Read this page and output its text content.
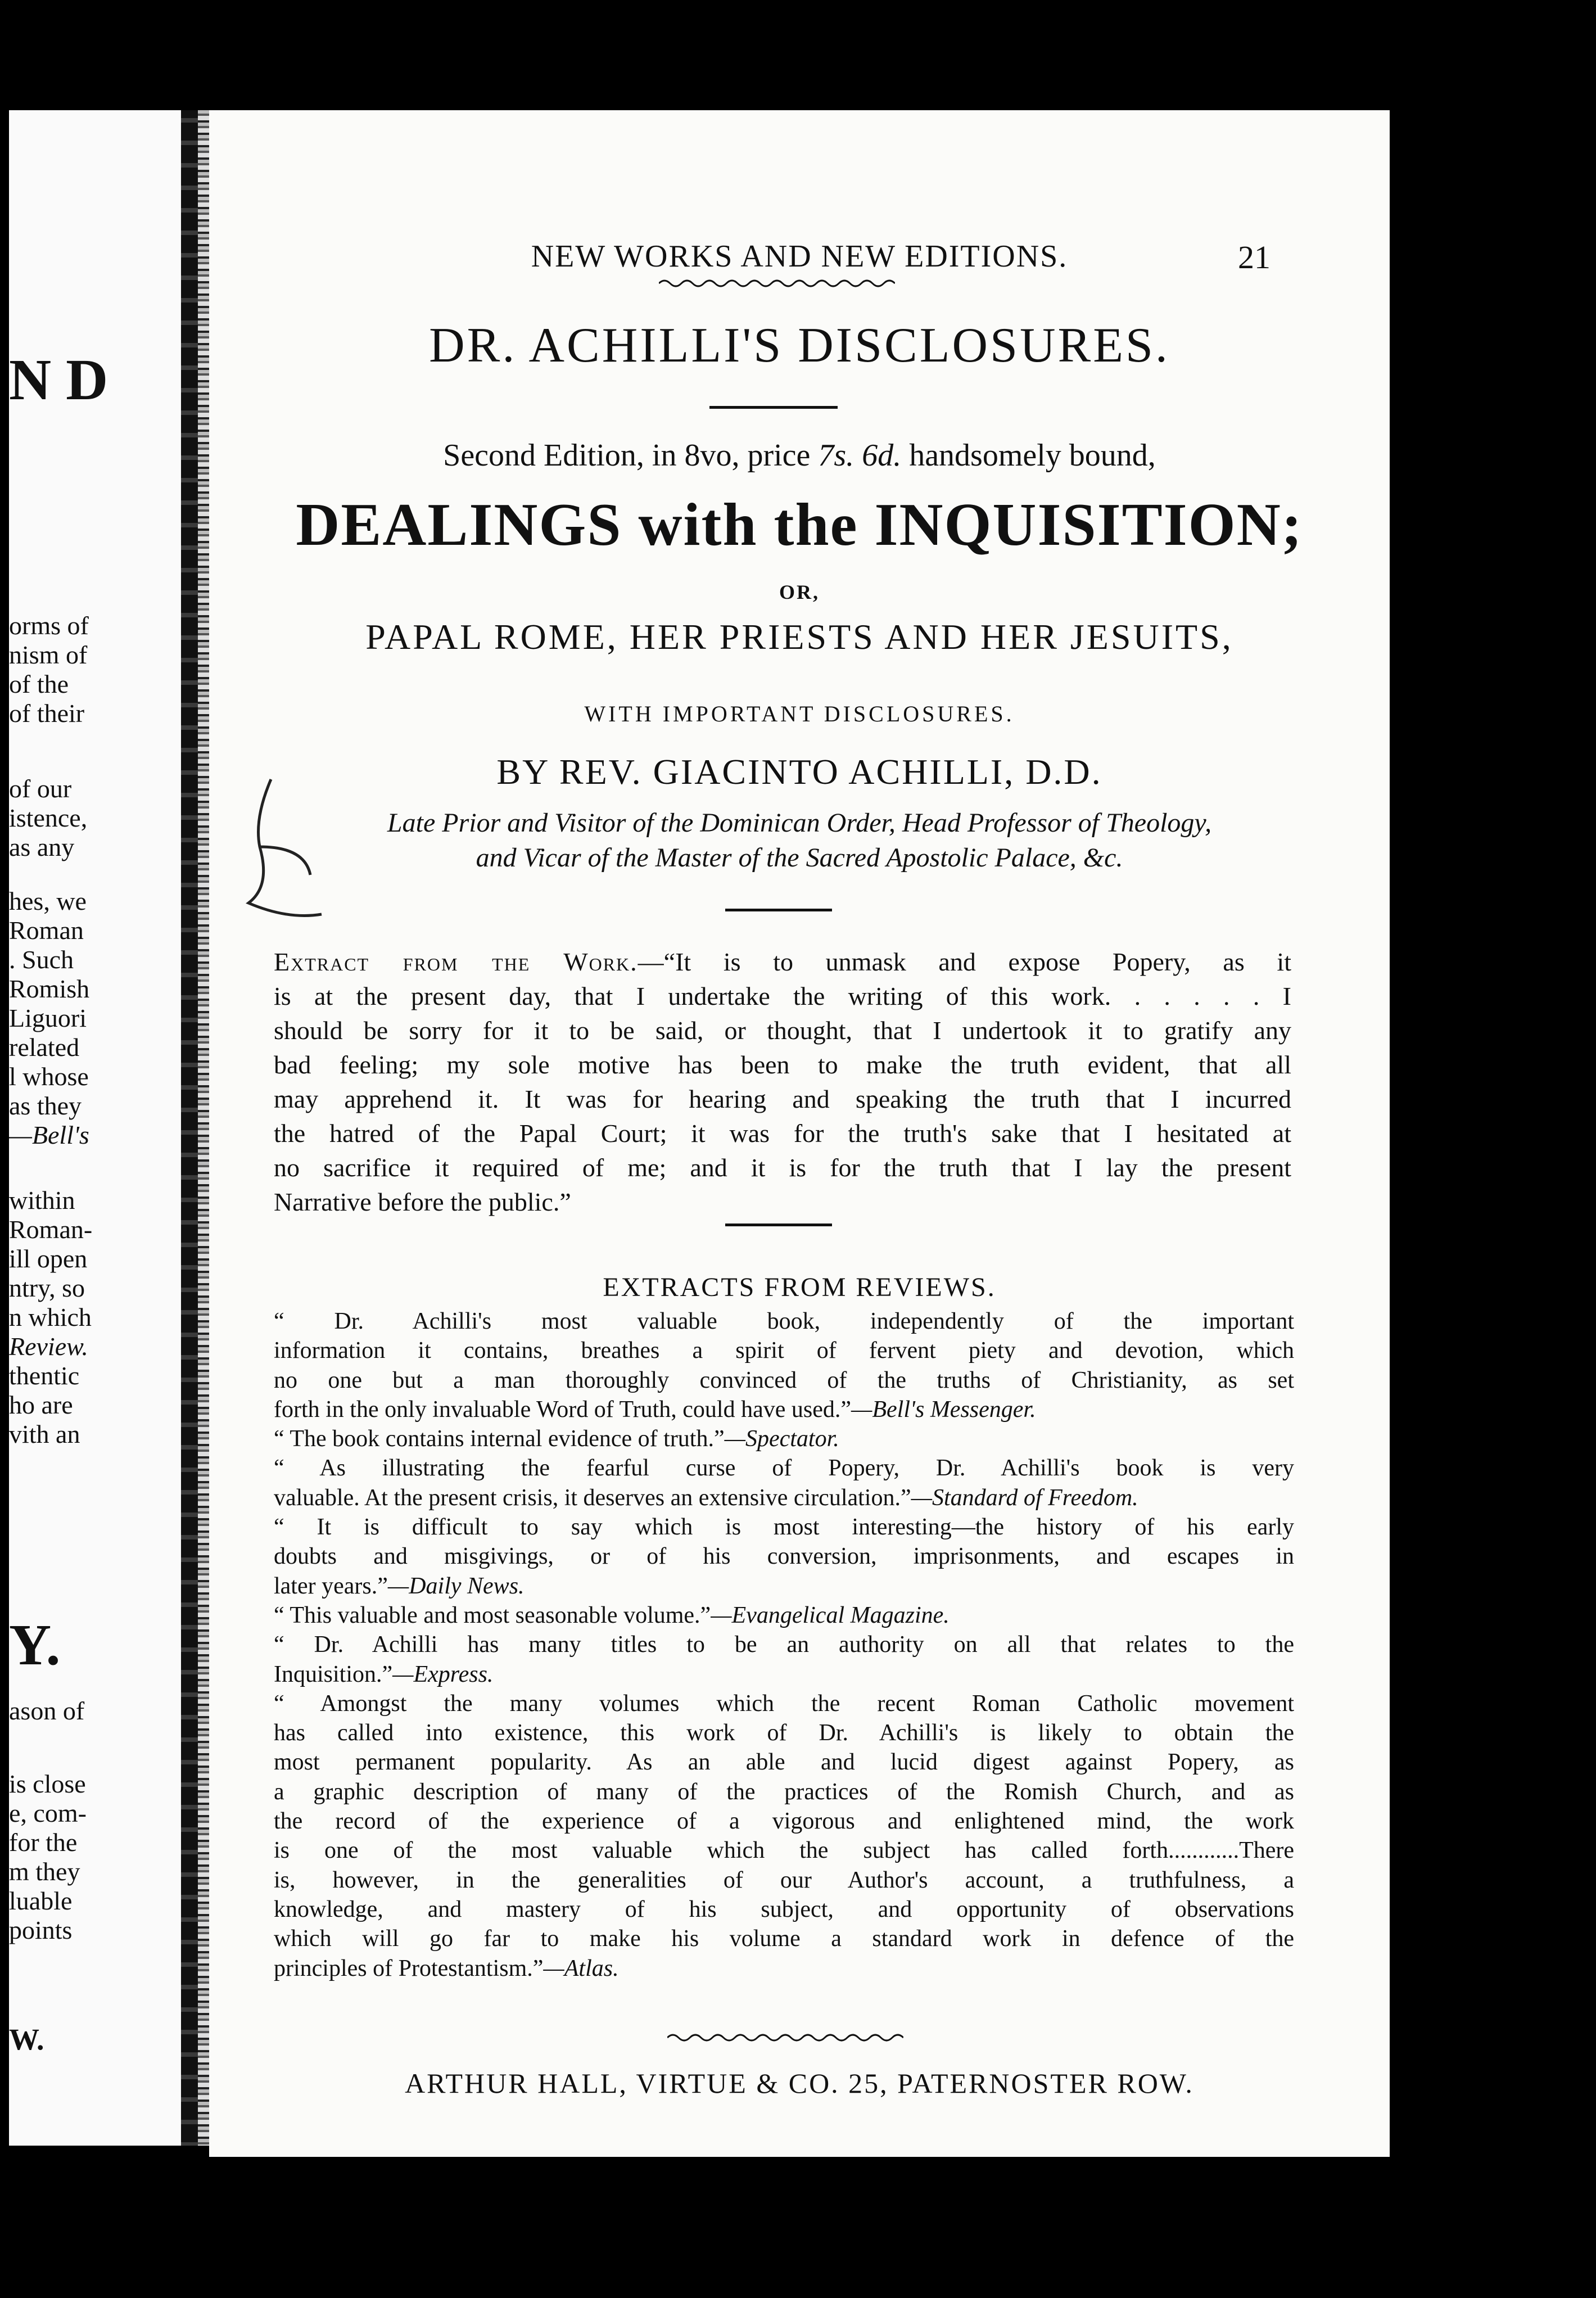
N D
orms of
nism of
of the
of their
of our
istence,
as any
hes, we
Roman
. Such
Romish
Liguori
related
l whose
as they
—Bell's
within
Roman-
ill open
ntry, so
n which
Review.
thentic
ho are
vith an
Y.
ason of
is close
e, com-
for the
m they
luable
points
W.
NEW WORKS AND NEW EDITIONS.	21
DR. ACHILLI'S DISCLOSURES.
Second Edition, in 8vo, price 7s. 6d. handsomely bound,
DEALINGS with the INQUISITION;
OR,
PAPAL ROME, HER PRIESTS AND HER JESUITS,
WITH IMPORTANT DISCLOSURES.
BY REV. GIACINTO ACHILLI, D.D.
Late Prior and Visitor of the Dominican Order, Head Professor of Theology,
and Vicar of the Master of the Sacred Apostolic Palace, &c.
Extract from the Work.—“It is to unmask and expose Popery, as it
is at the present day, that I undertake the writing of this work. . . . . . I
should be sorry for it to be said, or thought, that I undertook it to gratify any
bad feeling; my sole motive has been to make the truth evident, that all
may apprehend it. It was for hearing and speaking the truth that I incurred
the hatred of the Papal Court; it was for the truth's sake that I hesitated at
no sacrifice it required of me; and it is for the truth that I lay the present
Narrative before the public.”
EXTRACTS FROM REVIEWS.
“ Dr. Achilli's most valuable book, independently of the important
information it contains, breathes a spirit of fervent piety and devotion, which
no one but a man thoroughly convinced of the truths of Christianity, as set
forth in the only invaluable Word of Truth, could have used.”—Bell's Messenger.
“ The book contains internal evidence of truth.”—Spectator.
“ As illustrating the fearful curse of Popery, Dr. Achilli's book is very
valuable. At the present crisis, it deserves an extensive circulation.”—Standard of Freedom.
“ It is difficult to say which is most interesting—the history of his early
doubts and misgivings, or of his conversion, imprisonments, and escapes in
later years.”—Daily News.
“ This valuable and most seasonable volume.”—Evangelical Magazine.
“ Dr. Achilli has many titles to be an authority on all that relates to the
Inquisition.”—Express.
“ Amongst the many volumes which the recent Roman Catholic movement
has called into existence, this work of Dr. Achilli's is likely to obtain the
most permanent popularity. As an able and lucid digest against Popery, as
a graphic description of many of the practices of the Romish Church, and as
the record of the experience of a vigorous and enlightened mind, the work
is one of the most valuable which the subject has called forth............There
is, however, in the generalities of our Author's account, a truthfulness, a
knowledge, and mastery of his subject, and opportunity of observations
which will go far to make his volume a standard work in defence of the
principles of Protestantism.”—Atlas.
ARTHUR HALL, VIRTUE & CO. 25, PATERNOSTER ROW.
